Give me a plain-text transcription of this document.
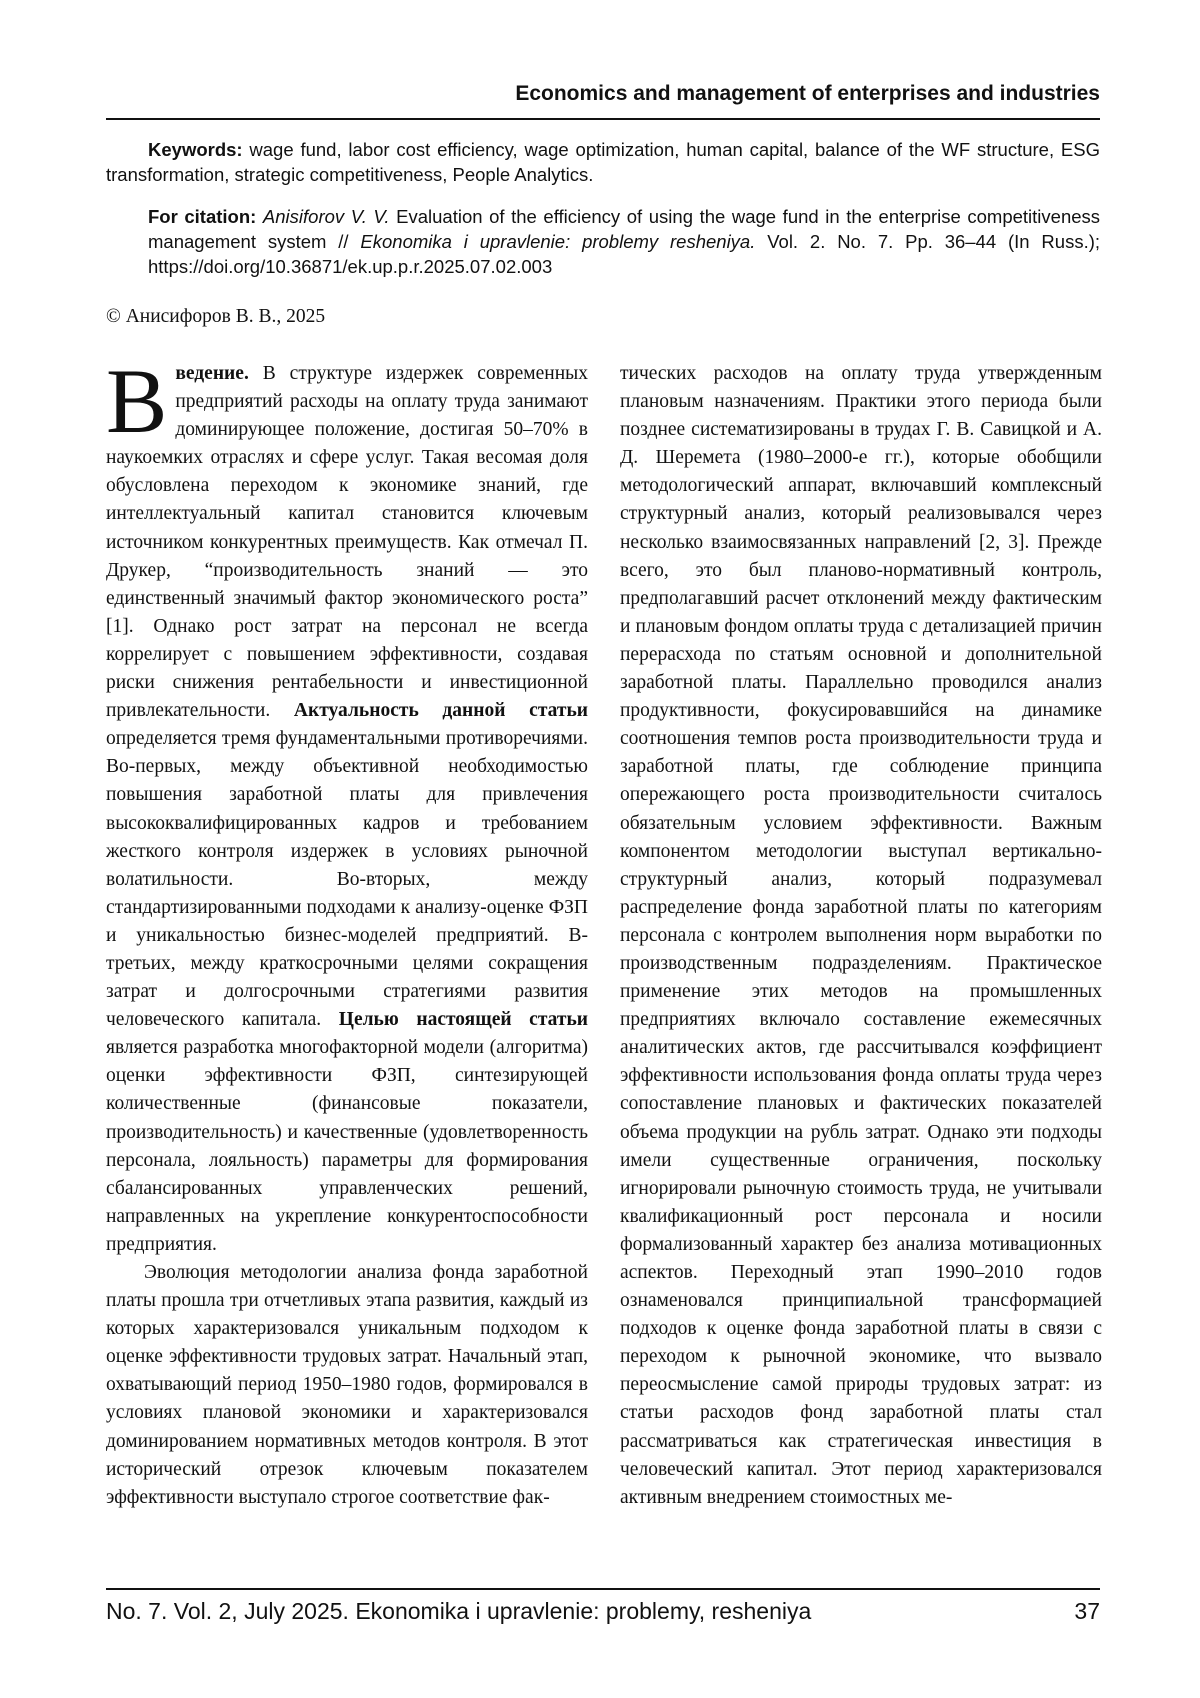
Economics and management of enterprises and industries
Keywords: wage fund, labor cost efficiency, wage optimization, human capital, balance of the WF structure, ESG transformation, strategic competitiveness, People Analytics.
For citation: Anisiforov V. V. Evaluation of the efficiency of using the wage fund in the enterprise competitiveness management system // Ekonomika i upravlenie: problemy resheniya. Vol. 2. No. 7. Pp. 36–44 (In Russ.); https://doi.org/10.36871/ek.up.p.r.2025.07.02.003
© Анисифоров В. В., 2025

В ведение. В структуре издержек современных предприятий расходы на оплату труда занимают доминирующее положение, достигая 50–70% в наукоемких отраслях и сфере услуг. Такая весомая доля обусловлена переходом к экономике знаний, где интеллектуальный капитал становится ключевым источником конкурентных преимуществ. Как отмечал П. Друкер, “производительность знаний — это единственный значимый фактор экономического роста” [1]. Однако рост затрат на персонал не всегда коррелирует с повышением эффективности, создавая риски снижения рентабельности и инвестиционной привлекательности. Актуальность данной статьи определяется тремя фундаментальными противоречиями. Во-первых, между объективной необходимостью повышения заработной платы для привлечения высококвалифицированных кадров и требованием жесткого контроля издержек в условиях рыночной волатильности. Во-вторых, между стандартизированными подходами к анализу-оценке ФЗП и уникальностью бизнес-моделей предприятий. В-третьих, между краткосрочными целями сокращения затрат и долгосрочными стратегиями развития человеческого капитала. Целью настоящей статьи является разработка многофакторной модели (алгоритма) оценки эффективности ФЗП, синтезирующей количественные (финансовые показатели, производительность) и качественные (удовлетворенность персонала, лояльность) параметры для формирования сбалансированных управленческих решений, направленных на укрепление конкурентоспособности предприятия.

Эволюция методологии анализа фонда заработной платы прошла три отчетливых этапа развития, каждый из которых характеризовался уникальным подходом к оценке эффективности трудовых затрат. Начальный этап, охватывающий период 1950–1980 годов, формировался в условиях плановой экономики и характеризовался доминированием нормативных методов контроля. В этот исторический отрезок ключевым показателем эффективности выступало строгое соответствие фак-

тических расходов на оплату труда утвержденным плановым назначениям. Практики этого периода были позднее систематизированы в трудах Г. В. Савицкой и А. Д. Шеремета (1980–2000-е гг.), которые обобщили методологический аппарат, включавший комплексный структурный анализ, который реализовывался через несколько взаимосвязанных направлений [2, 3]. Прежде всего, это был планово-нормативный контроль, предполагавший расчет отклонений между фактическим и плановым фондом оплаты труда с детализацией причин перерасхода по статьям основной и дополнительной заработной платы. Параллельно проводился анализ продуктивности, фокусировавшийся на динамике соотношения темпов роста производительности труда и заработной платы, где соблюдение принципа опережающего роста производительности считалось обязательным условием эффективности. Важным компонентом методологии выступал вертикально-структурный анализ, который подразумевал распределение фонда заработной платы по категориям персонала с контролем выполнения норм выработки по производственным подразделениям. Практическое применение этих методов на промышленных предприятиях включало составление ежемесячных аналитических актов, где рассчитывался коэффициент эффективности использования фонда оплаты труда через сопоставление плановых и фактических показателей объема продукции на рубль затрат. Однако эти подходы имели существенные ограничения, поскольку игнорировали рыночную стоимость труда, не учитывали квалификационный рост персонала и носили формализованный характер без анализа мотивационных аспектов. Переходный этап 1990–2010 годов ознаменовался принципиальной трансформацией подходов к оценке фонда заработной платы в связи с переходом к рыночной экономике, что вызвало переосмысление самой природы трудовых затрат: из статьи расходов фонд заработной платы стал рассматриваться как стратегическая инвестиция в человеческий капитал. Этот период характеризовался активным внедрением стоимостных ме-

No. 7. Vol. 2, July 2025. Ekonomika i upravlenie: problemy, resheniya	37
